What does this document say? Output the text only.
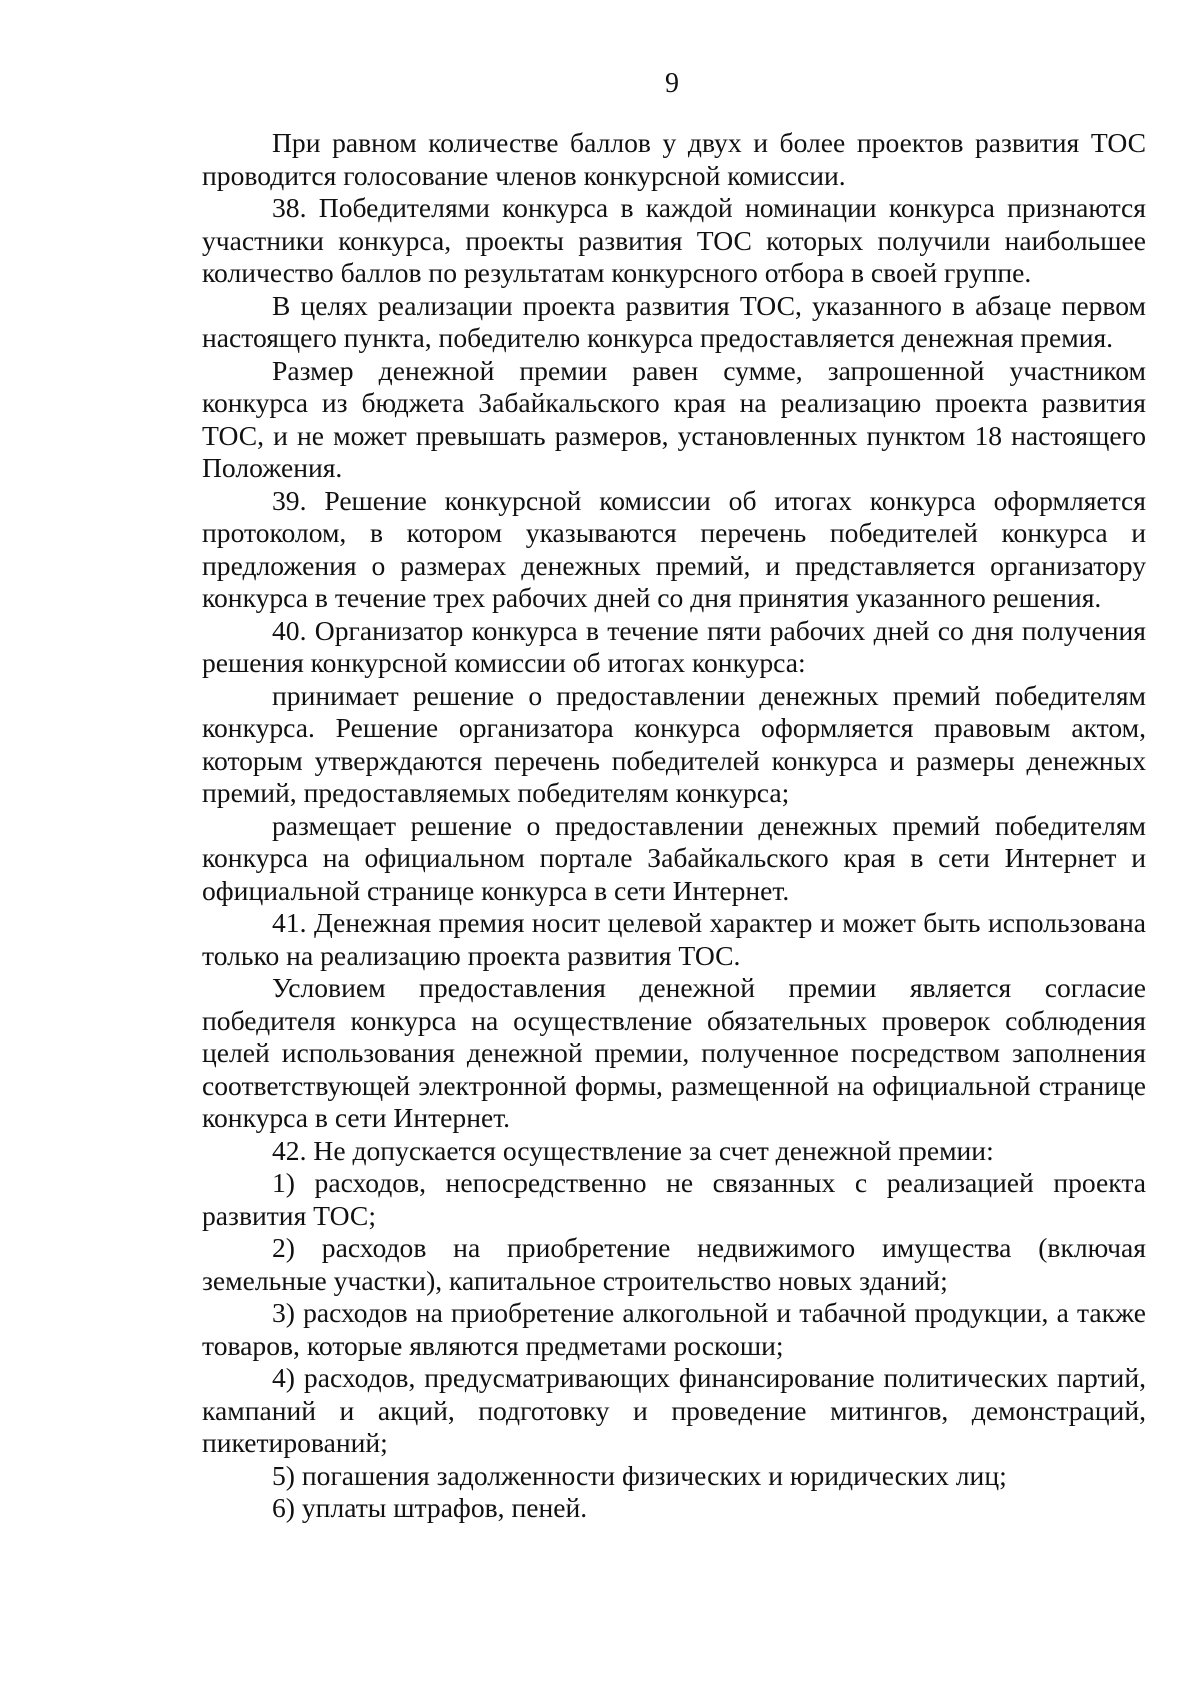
9

При равном количестве баллов у двух и более проектов развития ТОС проводится голосование членов конкурсной комиссии.

38. Победителями конкурса в каждой номинации конкурса признаются участники конкурса, проекты развития ТОС которых получили наибольшее количество баллов по результатам конкурсного отбора в своей группе.

В целях реализации проекта развития ТОС, указанного в абзаце первом настоящего пункта, победителю конкурса предоставляется денежная премия.

Размер денежной премии равен сумме, запрошенной участником конкурса из бюджета Забайкальского края на реализацию проекта развития ТОС, и не может превышать размеров, установленных пунктом 18 настоящего Положения.

39. Решение конкурсной комиссии об итогах конкурса оформляется протоколом, в котором указываются перечень победителей конкурса и предложения о размерах денежных премий, и представляется организатору конкурса в течение трех рабочих дней со дня принятия указанного решения.

40. Организатор конкурса в течение пяти рабочих дней со дня получения решения конкурсной комиссии об итогах конкурса:

принимает решение о предоставлении денежных премий победителям конкурса. Решение организатора конкурса оформляется правовым актом, которым утверждаются перечень победителей конкурса и размеры денежных премий, предоставляемых победителям конкурса;

размещает решение о предоставлении денежных премий победителям конкурса на официальном портале Забайкальского края в сети Интернет и официальной странице конкурса в сети Интернет.

41. Денежная премия носит целевой характер и может быть использована только на реализацию проекта развития ТОС.

Условием предоставления денежной премии является согласие победителя конкурса на осуществление обязательных проверок соблюдения целей использования денежной премии, полученное посредством заполнения соответствующей электронной формы, размещенной на официальной странице конкурса в сети Интернет.

42. Не допускается осуществление за счет денежной премии:

1) расходов, непосредственно не связанных с реализацией проекта развития ТОС;

2) расходов на приобретение недвижимого имущества (включая земельные участки), капитальное строительство новых зданий;

3) расходов на приобретение алкогольной и табачной продукции, а также товаров, которые являются предметами роскоши;

4) расходов, предусматривающих финансирование политических партий, кампаний и акций, подготовку и проведение митингов, демонстраций, пикетирований;

5) погашения задолженности физических и юридических лиц;

6) уплаты штрафов, пеней.
